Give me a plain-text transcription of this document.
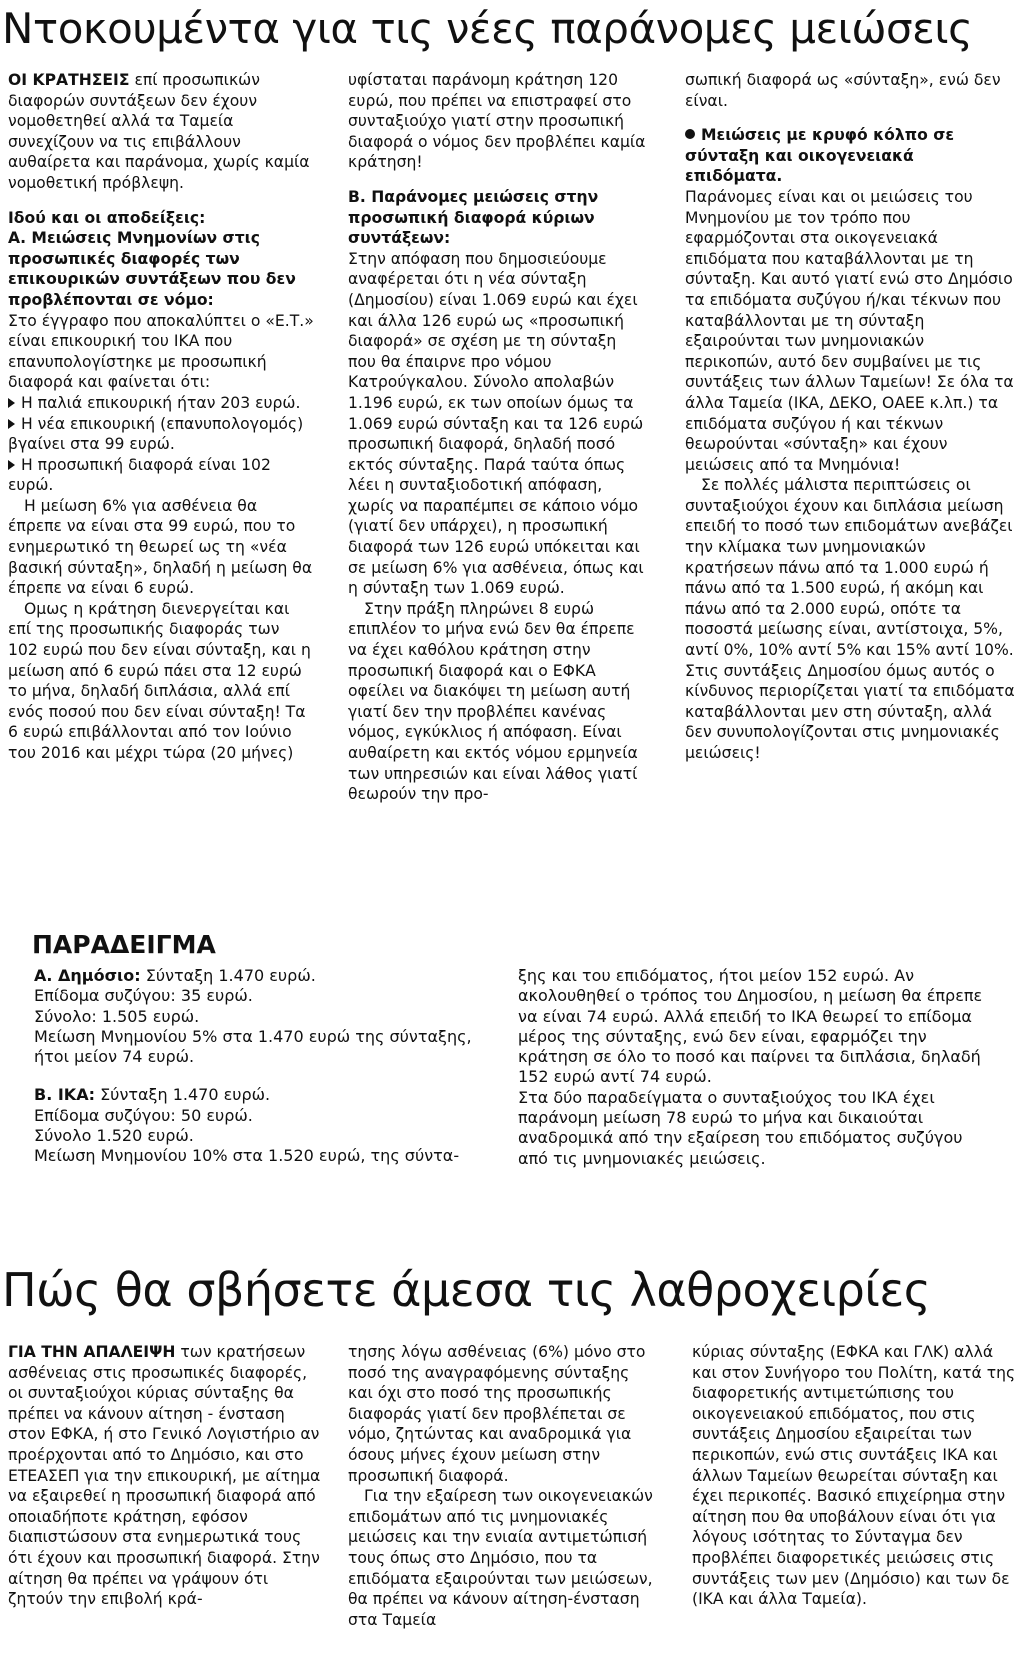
Ντοκουμέντα για τις νέες παράνομες μειώσεις

ΟΙ ΚΡΑΤΗΣΕΙΣ επί προσωπικών διαφορών συντάξεων δεν έχουν νομοθετηθεί αλλά τα Ταμεία συνεχίζουν να τις επιβάλλουν αυθαίρετα και παράνομα, χωρίς καμία νομοθετική πρόβλεψη.

Ιδού και οι αποδείξεις:

Α. Μειώσεις Μνημονίων στις προσωπικές διαφορές των επικουρικών συντάξεων που δεν προβλέπονται σε νόμο:

Στο έγγραφο που αποκαλύπτει ο «Ε.Τ.» είναι επικουρική του ΙΚΑ που επανυπολογίστηκε με προσωπική διαφορά και φαίνεται ότι:

Η παλιά επικουρική ήταν 203 ευρώ.

Η νέα επικουρική (επανυπολογομός) βγαίνει στα 99 ευρώ.

Η προσωπική διαφορά είναι 102 ευρώ.

Η μείωση 6% για ασθένεια θα έπρεπε να είναι στα 99 ευρώ, που το ενημερωτικό τη θεωρεί ως τη «νέα βασική σύνταξη», δηλαδή η μείωση θα έπρεπε να είναι 6 ευρώ.

Ομως η κράτηση διενεργείται και επί της προσωπικής διαφοράς των 102 ευρώ που δεν είναι σύνταξη, και η μείωση από 6 ευρώ πάει στα 12 ευρώ το μήνα, δηλαδή διπλάσια, αλλά επί ενός ποσού που δεν είναι σύνταξη! Τα 6 ευρώ επιβάλλονται από τον Ιούνιο του 2016 και μέχρι τώρα (20 μήνες)

υφίσταται παράνομη κράτηση 120 ευρώ, που πρέπει να επιστραφεί στο συνταξιούχο γιατί στην προσωπική διαφορά ο νόμος δεν προβλέπει καμία κράτηση!

Β. Παράνομες μειώσεις στην προσωπική διαφορά κύριων συντάξεων:

Στην απόφαση που δημοσιεύουμε αναφέρεται ότι η νέα σύνταξη (Δημοσίου) είναι 1.069 ευρώ και έχει και άλλα 126 ευρώ ως «προσωπική διαφορά» σε σχέση με τη σύνταξη που θα έπαιρνε προ νόμου Κατρούγκαλου. Σύνολο απολαβών 1.196 ευρώ, εκ των οποίων όμως τα 1.069 ευρώ σύνταξη και τα 126 ευρώ προσωπική διαφορά, δηλαδή ποσό εκτός σύνταξης. Παρά ταύτα όπως λέει η συνταξιοδοτική απόφαση, χωρίς να παραπέμπει σε κάποιο νόμο (γιατί δεν υπάρχει), η προσωπική διαφορά των 126 ευρώ υπόκειται και σε μείωση 6% για ασθένεια, όπως και η σύνταξη των 1.069 ευρώ.

Στην πράξη πληρώνει 8 ευρώ επιπλέον το μήνα ενώ δεν θα έπρεπε να έχει καθόλου κράτηση στην προσωπική διαφορά και ο ΕΦΚΑ οφείλει να διακόψει τη μείωση αυτή γιατί δεν την προβλέπει κανένας νόμος, εγκύκλιος ή απόφαση. Είναι αυθαίρετη και εκτός νόμου ερμηνεία των υπηρεσιών και είναι λάθος γιατί θεωρούν την προ-

σωπική διαφορά ως «σύνταξη», ενώ δεν είναι.

Μειώσεις με κρυφό κόλπο σε σύνταξη και οικογενειακά επιδόματα.

Παράνομες είναι και οι μειώσεις του Μνημονίου με τον τρόπο που εφαρμόζονται στα οικογενειακά επιδόματα που καταβάλλονται με τη σύνταξη. Και αυτό γιατί ενώ στο Δημόσιο τα επιδόματα συζύγου ή/και τέκνων που καταβάλλονται με τη σύνταξη εξαιρούνται των μνημονιακών περικοπών, αυτό δεν συμβαίνει με τις συντάξεις των άλλων Ταμείων! Σε όλα τα άλλα Ταμεία (ΙΚΑ, ΔΕΚΟ, ΟΑΕΕ κ.λπ.) τα επιδόματα συζύγου ή και τέκνων θεωρούνται «σύνταξη» και έχουν μειώσεις από τα Μνημόνια!

Σε πολλές μάλιστα περιπτώσεις οι συνταξιούχοι έχουν και διπλάσια μείωση επειδή το ποσό των επιδομάτων ανεβάζει την κλίμακα των μνημονιακών κρατήσεων πάνω από τα 1.000 ευρώ ή πάνω από τα 1.500 ευρώ, ή ακόμη και πάνω από τα 2.000 ευρώ, οπότε τα ποσοστά μείωσης είναι, αντίστοιχα, 5%, αντί 0%, 10% αντί 5% και 15% αντί 10%. Στις συντάξεις Δημοσίου όμως αυτός ο κίνδυνος περιορίζεται γιατί τα επιδόματα καταβάλλονται μεν στη σύνταξη, αλλά δεν συνυπολογίζονται στις μνημονιακές μειώσεις!

ΠΑΡΑΔΕΙΓΜΑ

Α. Δημόσιο: Σύνταξη 1.470 ευρώ.

Επίδομα συζύγου: 35 ευρώ.

Σύνολο: 1.505 ευρώ.

Μείωση Μνημονίου 5% στα 1.470 ευρώ της σύνταξης, ήτοι μείον 74 ευρώ.

Β. ΙΚΑ: Σύνταξη 1.470 ευρώ.

Επίδομα συζύγου: 50 ευρώ.

Σύνολο 1.520 ευρώ.

Μείωση Μνημονίου 10% στα 1.520 ευρώ, της σύντα-

ξης και του επιδόματος, ήτοι μείον 152 ευρώ. Αν ακολουθηθεί ο τρόπος του Δημοσίου, η μείωση θα έπρεπε να είναι 74 ευρώ. Αλλά επειδή το ΙΚΑ θεωρεί το επίδομα μέρος της σύνταξης, ενώ δεν είναι, εφαρμόζει την κράτηση σε όλο το ποσό και παίρνει τα διπλάσια, δηλαδή 152 ευρώ αντί 74 ευρώ.

Στα δύο παραδείγματα ο συνταξιούχος του ΙΚΑ έχει παράνομη μείωση 78 ευρώ το μήνα και δικαιούται αναδρομικά από την εξαίρεση του επιδόματος συζύγου από τις μνημονιακές μειώσεις.

Πώς θα σβήσετε άμεσα τις λαθροχειρίες

ΓΙΑ ΤΗΝ ΑΠΑΛΕΙΨΗ των κρατήσεων ασθένειας στις προσωπικές διαφορές, οι συνταξιούχοι κύριας σύνταξης θα πρέπει να κάνουν αίτηση - ένσταση στον ΕΦΚΑ, ή στο Γενικό Λογιστήριο αν προέρχονται από το Δημόσιο, και στο ΕΤΕΑΣΕΠ για την επικουρική, με αίτημα να εξαιρεθεί η προσωπική διαφορά από οποιαδήποτε κράτηση, εφόσον διαπιστώσουν στα ενημερωτικά τους ότι έχουν και προσωπική διαφορά. Στην αίτηση θα πρέπει να γράψουν ότι ζητούν την επιβολή κρά-

τησης λόγω ασθένειας (6%) μόνο στο ποσό της αναγραφόμενης σύνταξης και όχι στο ποσό της προσωπικής διαφοράς γιατί δεν προβλέπεται σε νόμο, ζητώντας και αναδρομικά για όσους μήνες έχουν μείωση στην προσωπική διαφορά.

Για την εξαίρεση των οικογενειακών επιδομάτων από τις μνημονιακές μειώσεις και την ενιαία αντιμετώπισή τους όπως στο Δημόσιο, που τα επιδόματα εξαιρούνται των μειώσεων, θα πρέπει να κάνουν αίτηση-ένσταση στα Ταμεία

κύριας σύνταξης (ΕΦΚΑ και ΓΛΚ) αλλά και στον Συνήγορο του Πολίτη, κατά της διαφορετικής αντιμετώπισης του οικογενειακού επιδόματος, που στις συντάξεις Δημοσίου εξαιρείται των περικοπών, ενώ στις συντάξεις ΙΚΑ και άλλων Ταμείων θεωρείται σύνταξη και έχει περικοπές. Βασικό επιχείρημα στην αίτηση που θα υποβάλουν είναι ότι για λόγους ισότητας το Σύνταγμα δεν προβλέπει διαφορετικές μειώσεις στις συντάξεις των μεν (Δημόσιο) και των δε (ΙΚΑ και άλλα Ταμεία).
